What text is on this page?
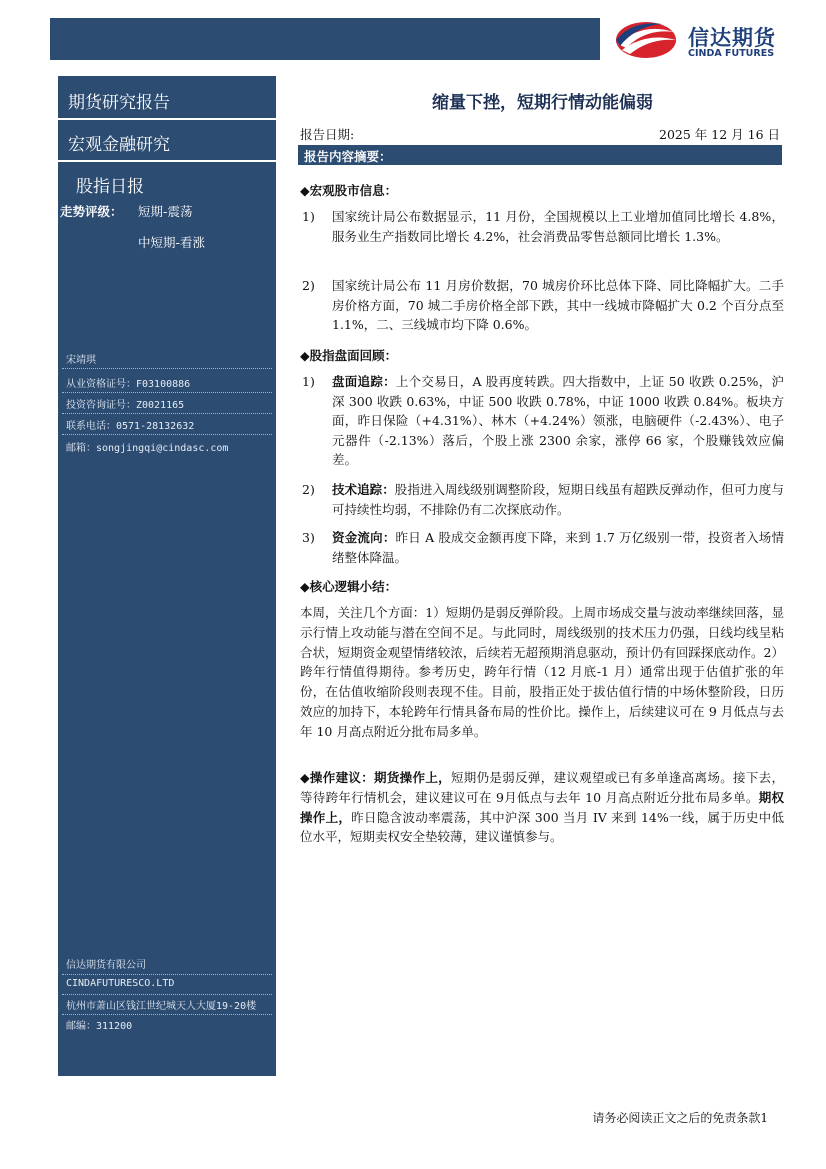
信达期货
CINDA FUTURES
期货研究报告
宏观金融研究
股指日报
走势评级： 短期-震荡
中短期-看涨
宋靖琪
从业资格证号：F03100886
投资咨询证号：Z0021165
联系电话：0571-28132632
邮箱：songjingqi@cindasc.com
信达期货有限公司
CINDAFUTURESCO.LTD
杭州市萧山区钱江世纪城天人大厦19-20楼
邮编：311200
缩量下挫，短期行情动能偏弱
报告日期:	2025 年 12 月 16 日
报告内容摘要：
◆宏观股市信息：
1) 国家统计局公布数据显示，11 月份，全国规模以上工业增加值同比增长 4.8%，服务业生产指数同比增长 4.2%，社会消费品零售总额同比增长 1.3%。
2) 国家统计局公布 11 月房价数据，70 城房价环比总体下降、同比降幅扩大。二手房价格方面，70 城二手房价格全部下跌，其中一线城市降幅扩大 0.2 个百分点至 1.1%，二、三线城市均下降 0.6%。
◆股指盘面回顾：
1) 盘面追踪：上个交易日，A 股再度转跌。四大指数中，上证 50 收跌 0.25%，沪深 300 收跌 0.63%，中证 500 收跌 0.78%，中证 1000 收跌 0.84%。板块方面，昨日保险（+4.31%）、林木（+4.24%）领涨，电脑硬件（-2.43%）、电子元器件（-2.13%）落后，个股上涨 2300 余家，涨停 66 家，个股赚钱效应偏差。
2) 技术追踪：股指进入周线级别调整阶段，短期日线虽有超跌反弹动作，但可力度与可持续性均弱，不排除仍有二次探底动作。
3) 资金流向：昨日 A 股成交金额再度下降，来到 1.7 万亿级别一带，投资者入场情绪整体降温。
◆核心逻辑小结：
本周，关注几个方面：1）短期仍是弱反弹阶段。上周市场成交量与波动率继续回落，显示行情上攻动能与潜在空间不足。与此同时，周线级别的技术压力仍强，日线均线呈粘合状，短期资金观望情绪较浓，后续若无超预期消息驱动，预计仍有回踩探底动作。2）跨年行情值得期待。参考历史，跨年行情（12 月底-1 月）通常出现于估值扩张的年份，在估值收缩阶段则表现不佳。目前，股指正处于拔估值行情的中场休整阶段，日历效应的加持下，本轮跨年行情具备布局的性价比。操作上，后续建议可在 9 月低点与去年 10 月高点附近分批布局多单。
◆操作建议：期货操作上，短期仍是弱反弹，建议观望或已有多单逢高离场。接下去，等待跨年行情机会，建议建议可在 9月低点与去年 10 月高点附近分批布局多单。期权操作上，昨日隐含波动率震荡，其中沪深 300 当月 IV 来到 14%一线，属于历史中低位水平，短期卖权安全垫较薄，建议谨慎参与。
请务必阅读正文之后的免责条款1
